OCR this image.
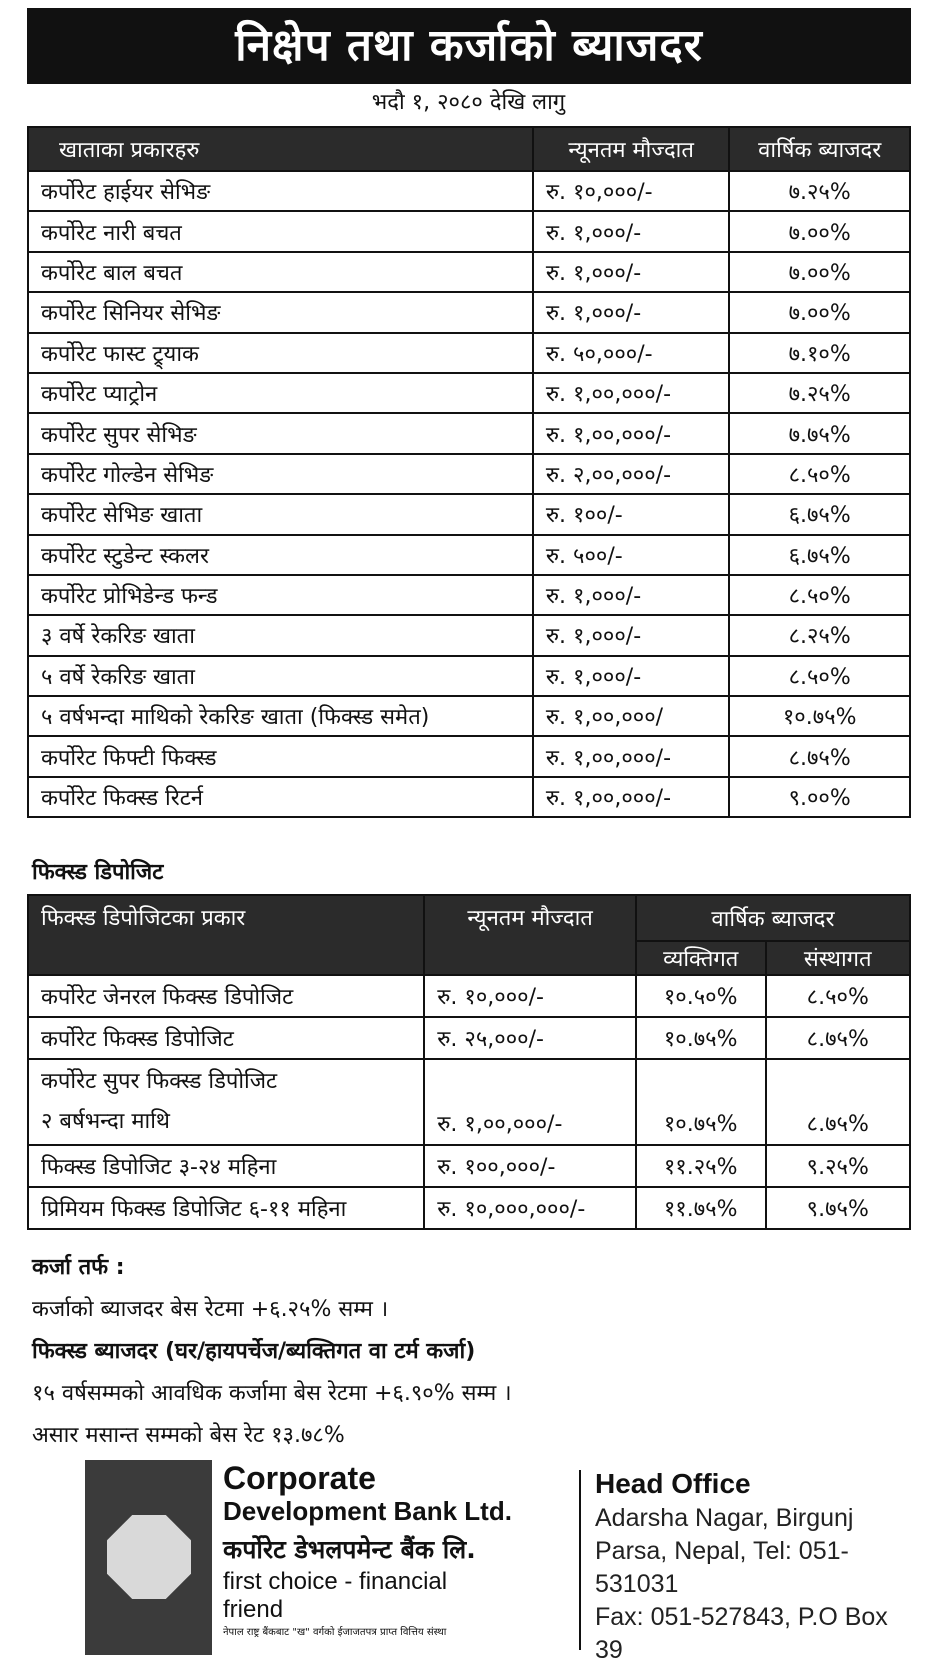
निक्षेप तथा कर्जाको ब्याजदर
भदौ १, २०८० देखि लागु
खाताका प्रकारहरु	न्यूनतम मौज्दात	वार्षिक ब्याजदर
कर्पोरेट हाईयर सेभिङ	रु. १०,०००/-	७.२५%
कर्पोरेट नारी बचत	रु. १,०००/-	७.००%
कर्पोरेट बाल बचत	रु. १,०००/-	७.००%
कर्पोरेट सिनियर सेभिङ	रु. १,०००/-	७.००%
कर्पोरेट फास्ट ट्र्याक	रु. ५०,०००/-	७.१०%
कर्पोरेट प्याट्रोन	रु. १,००,०००/-	७.२५%
कर्पोरेट सुपर सेभिङ	रु. १,००,०००/-	७.७५%
कर्पोरेट गोल्डेन सेभिङ	रु. २,००,०००/-	८.५०%
कर्पोरेट सेभिङ खाता	रु. १००/-	६.७५%
कर्पोरेट स्टुडेन्ट स्कलर	रु. ५००/-	६.७५%
कर्पोरेट प्रोभिडेन्ड फन्ड	रु. १,०००/-	८.५०%
३ वर्षे रेकरिङ खाता	रु. १,०००/-	८.२५%
५ वर्षे रेकरिङ खाता	रु. १,०००/-	८.५०%
५ वर्षभन्दा माथिको रेकरिङ खाता (फिक्स्ड समेत)	रु. १,००,०००/	१०.७५%
कर्पोरेट फिफ्टी फिक्स्ड	रु. १,००,०००/-	८.७५%
कर्पोरेट फिक्स्ड रिटर्न	रु. १,००,०००/-	९.००%
फिक्स्ड डिपोजिट
फिक्स्ड डिपोजिटका प्रकार	न्यूनतम मौज्दात	वार्षिक ब्याजदर	
		व्यक्तिगत	संस्थागत

कर्पोरेट जेनरल फिक्स्ड डिपोजिट	रु. १०,०००/-	१०.५०%	८.५०%

कर्पोरेट फिक्स्ड डिपोजिट	रु. २५,०००/-	१०.७५%	८.७५%

कर्पोरेट सुपर फिक्स्ड डिपोजिट
२ बर्षभन्दा माथि	रु. १,००,०००/-	१०.७५%	८.७५%

फिक्स्ड डिपोजिट ३-२४ महिना	रु. १००,०००/-	११.२५%	९.२५%

प्रिमियम फिक्स्ड डिपोजिट ६-११ महिना	रु. १०,०००,०००/-	११.७५%	९.७५%

कर्जा तर्फ :

कर्जाको ब्याजदर बेस रेटमा +६.२५% सम्म ।

फिक्स्ड ब्याजदर (घर/हायपर्चेज/ब्यक्तिगत वा टर्म कर्जा)

१५ वर्षसम्मको आवधिक कर्जामा बेस रेटमा +६.९०% सम्म ।

असार मसान्त सम्मको बेस रेट १३.७८%

Corporate
Development Bank Ltd.
कर्पोरेट डेभलपमेन्ट बैंक लि.
first choice - financial friend
नेपाल राष्ट्र बैंकबाट "ख" वर्गको ईजाजतपत्र प्राप्त वित्तिय संस्था
Head Office
Adarsha Nagar, Birgunj
Parsa, Nepal, Tel: 051-531031
Fax: 051-527843, P.O Box 39
